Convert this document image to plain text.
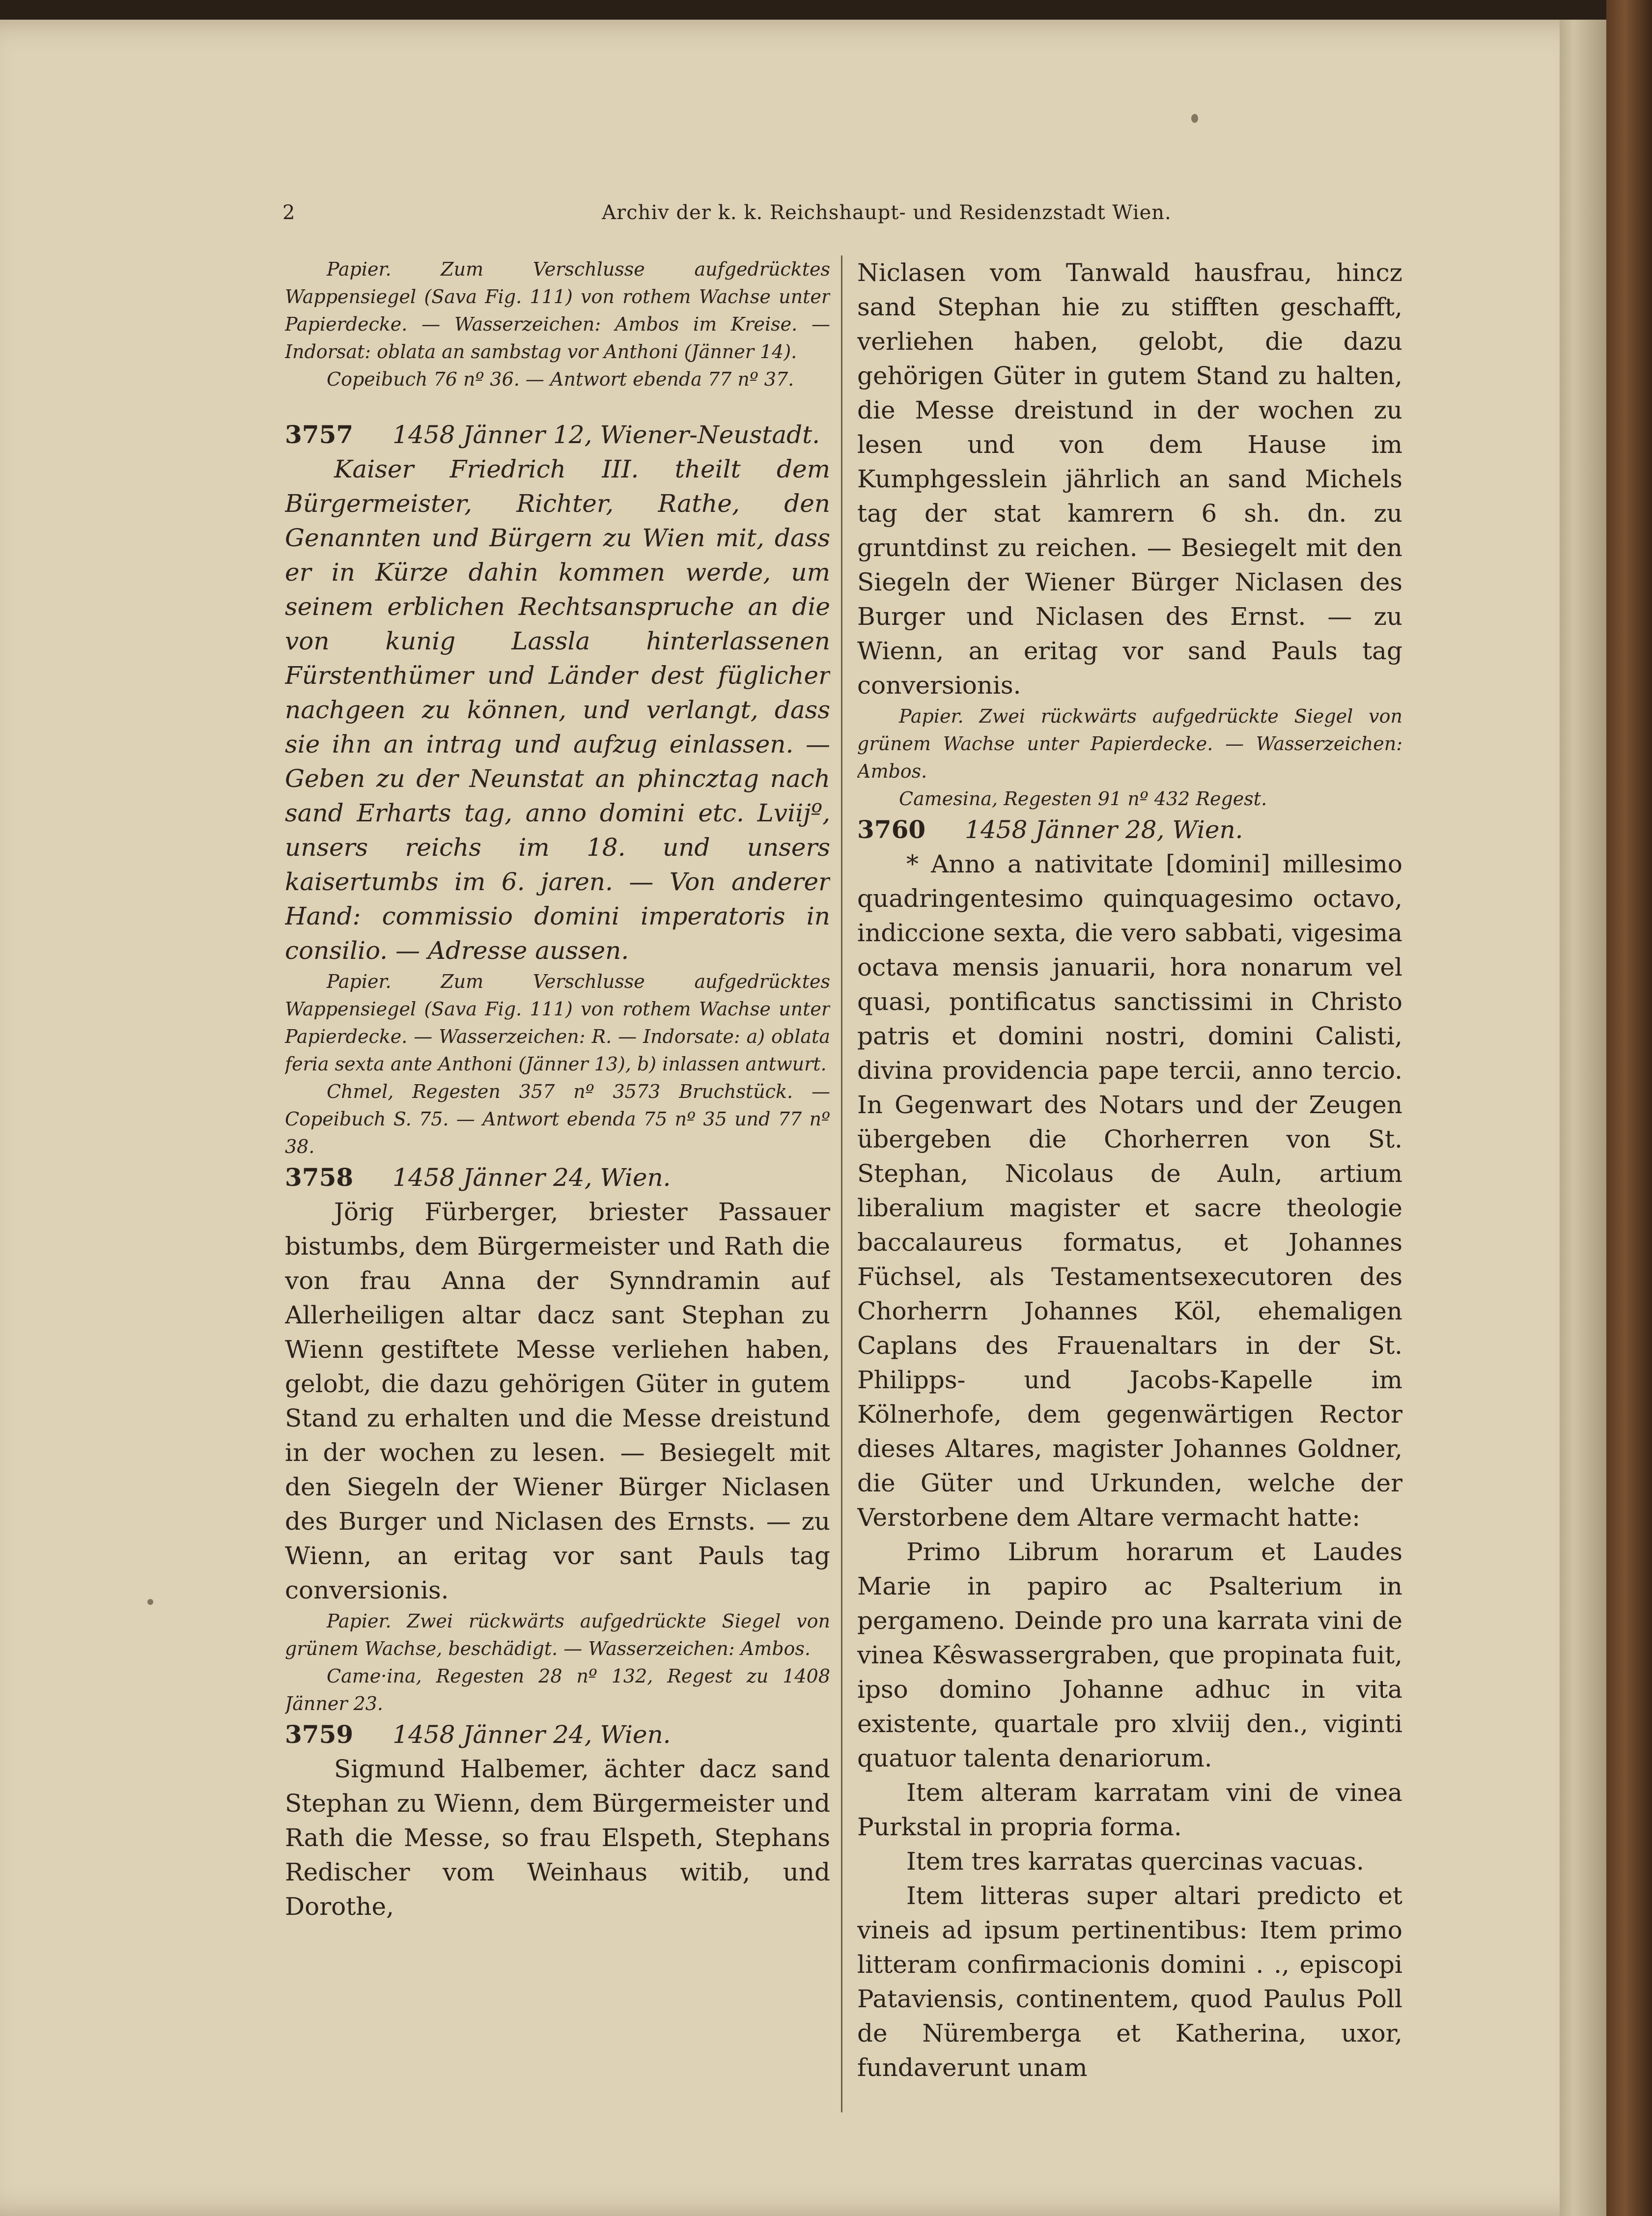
2	Archiv der k. k. Reichshaupt- und Residenzstadt Wien.

Papier. Zum Verschlusse aufgedrücktes Wappensiegel (Sava Fig. 111) von rothem Wachse unter Papierdecke. — Wasserzeichen: Ambos im Kreise. — Indorsat: oblata an sambstag vor Anthoni (Jänner 14).

Copeibuch 76 nº 36. — Antwort ebenda 77 nº 37.

3757 1458 Jänner 12, Wiener-Neustadt.

Kaiser Friedrich III. theilt dem Bürgermeister, Richter, Rathe, den Genannten und Bürgern zu Wien mit, dass er in Kürze dahin kommen werde, um seinem erblichen Rechtsanspruche an die von kunig Lassla hinterlassenen Fürstenthümer und Länder dest füglicher nachgeen zu können, und verlangt, dass sie ihn an intrag und aufzug einlassen. — Geben zu der Neunstat an phincztag nach sand Erharts tag, anno domini etc. Lviijº, unsers reichs im 18. und unsers kaisertumbs im 6. jaren. — Von anderer Hand: commissio domini imperatoris in consilio. — Adresse aussen.

Papier. Zum Verschlusse aufgedrücktes Wappensiegel (Sava Fig. 111) von rothem Wachse unter Papierdecke. — Wasserzeichen: R. — Indorsate: a) oblata feria sexta ante Anthoni (Jänner 13), b) inlassen antwurt.

Chmel, Regesten 357 nº 3573 Bruchstück. — Copeibuch S. 75. — Antwort ebenda 75 nº 35 und 77 nº 38.

3758 1458 Jänner 24, Wien.

Jörig Fürberger, briester Passauer bistumbs, dem Bürgermeister und Rath die von frau Anna der Synndramin auf Allerheiligen altar dacz sant Stephan zu Wienn gestiftete Messe verliehen haben, gelobt, die dazu gehörigen Güter in gutem Stand zu erhalten und die Messe dreistund in der wochen zu lesen. — Besiegelt mit den Siegeln der Wiener Bürger Niclasen des Burger und Niclasen des Ernsts. — zu Wienn, an eritag vor sant Pauls tag conversionis.

Papier. Zwei rückwärts aufgedrückte Siegel von grünem Wachse, beschädigt. — Wasserzeichen: Ambos.

Came·ina, Regesten 28 nº 132, Regest zu 1408 Jänner 23.

3759 1458 Jänner 24, Wien.

Sigmund Halbemer, ächter dacz sand Stephan zu Wienn, dem Bürgermeister und Rath die Messe, so frau Elspeth, Stephans Redischer vom Weinhaus witib, und Dorothe,

Niclasen vom Tanwald hausfrau, hincz sand Stephan hie zu stifften geschafft, verliehen haben, gelobt, die dazu gehörigen Güter in gutem Stand zu halten, die Messe dreistund in der wochen zu lesen und von dem Hause im Kumphgesslein jährlich an sand Michels tag der stat kamrern 6 sh. dn. zu gruntdinst zu reichen. — Besiegelt mit den Siegeln der Wiener Bürger Niclasen des Burger und Niclasen des Ernst. — zu Wienn, an eritag vor sand Pauls tag conversionis.

Papier. Zwei rückwärts aufgedrückte Siegel von grünem Wachse unter Papierdecke. — Wasserzeichen: Ambos.

Camesina, Regesten 91 nº 432 Regest.

3760 1458 Jänner 28, Wien.

* Anno a nativitate [domini] millesimo quadringentesimo quinquagesimo octavo, indiccione sexta, die vero sabbati, vigesima octava mensis januarii, hora nonarum vel quasi, pontificatus sanctissimi in Christo patris et domini nostri, domini Calisti, divina providencia pape tercii, anno tercio. In Gegenwart des Notars und der Zeugen übergeben die Chorherren von St. Stephan, Nicolaus de Auln, artium liberalium magister et sacre theologie baccalaureus formatus, et Johannes Füchsel, als Testamentsexecutoren des Chorherrn Johannes Köl, ehemaligen Caplans des Frauenaltars in der St. Philipps- und Jacobs-Kapelle im Kölnerhofe, dem gegenwärtigen Rector dieses Altares, magister Johannes Goldner, die Güter und Urkunden, welche der Verstorbene dem Altare vermacht hatte:

Primo Librum horarum et Laudes Marie in papiro ac Psalterium in pergameno. Deinde pro una karrata vini de vinea Kêswassergraben, que propinata fuit, ipso domino Johanne adhuc in vita existente, quartale pro xlviij den., viginti quatuor talenta denariorum.

Item alteram karratam vini de vinea Purkstal in propria forma.

Item tres karratas quercinas vacuas.

Item litteras super altari predicto et vineis ad ipsum pertinentibus: Item primo litteram confirmacionis domini . ., episcopi Pataviensis, continentem, quod Paulus Poll de Nürembergа et Katherina, uxor, fundaverunt unam
